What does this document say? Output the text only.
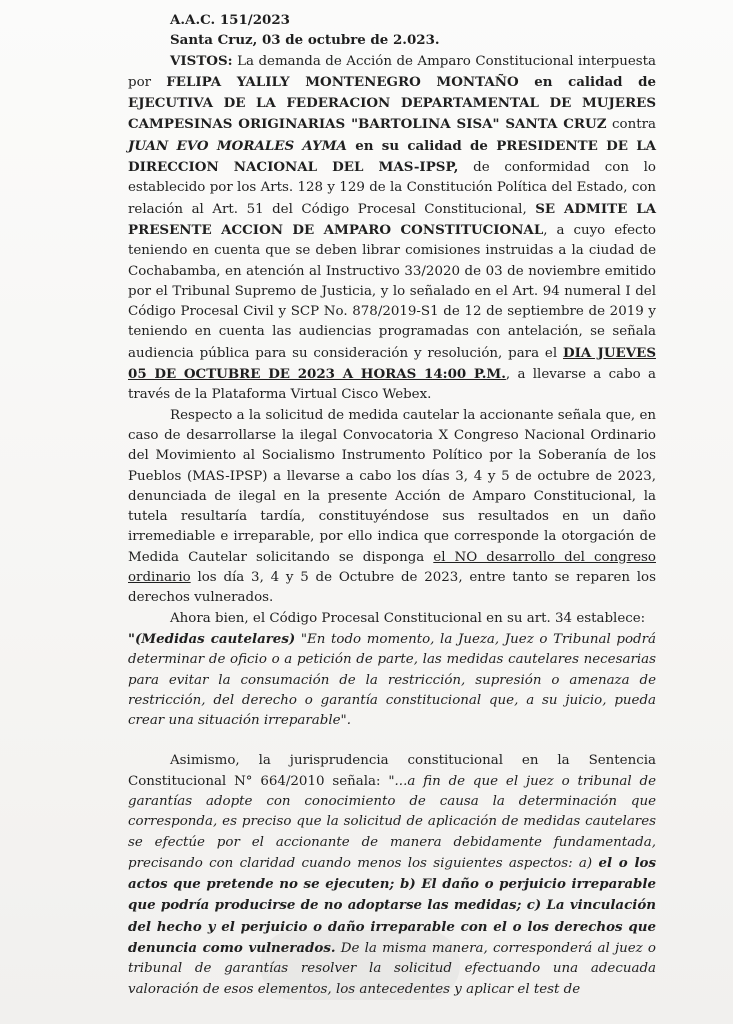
A.A.C. 151/2023

Santa Cruz, 03 de octubre de 2.023.

VISTOS: La demanda de Acción de Amparo Constitucional interpuesta por FELIPA YALILY MONTENEGRO MONTAÑO en calidad de EJECUTIVA DE LA FEDERACION DEPARTAMENTAL DE MUJERES CAMPESINAS ORIGINARIAS "BARTOLINA SISA" SANTA CRUZ contra JUAN EVO MORALES AYMA en su calidad de PRESIDENTE DE LA DIRECCION NACIONAL DEL MAS-IPSP, de conformidad con lo establecido por los Arts. 128 y 129 de la Constitución Política del Estado, con relación al Art. 51 del Código Procesal Constitucional, SE ADMITE LA PRESENTE ACCION DE AMPARO CONSTITUCIONAL, a cuyo efecto teniendo en cuenta que se deben librar comisiones instruidas a la ciudad de Cochabamba, en atención al Instructivo 33/2020 de 03 de noviembre emitido por el Tribunal Supremo de Justicia, y lo señalado en el Art. 94 numeral I del Código Procesal Civil y SCP No. 878/2019-S1 de 12 de septiembre de 2019 y teniendo en cuenta las audiencias programadas con antelación, se señala audiencia pública para su consideración y resolución, para el DIA JUEVES 05 DE OCTUBRE DE 2023 A HORAS 14:00 P.M., a llevarse a cabo a través de la Plataforma Virtual Cisco Webex.

Respecto a la solicitud de medida cautelar la accionante señala que, en caso de desarrollarse la ilegal Convocatoria X Congreso Nacional Ordinario del Movimiento al Socialismo Instrumento Político por la Soberanía de los Pueblos (MAS-IPSP) a llevarse a cabo los días 3, 4 y 5 de octubre de 2023, denunciada de ilegal en la presente Acción de Amparo Constitucional, la tutela resultaría tardía, constituyéndose sus resultados en un daño irremediable e irreparable, por ello indica que corresponde la otorgación de Medida Cautelar solicitando se disponga el NO desarrollo del congreso ordinario los día 3, 4 y 5 de Octubre de 2023, entre tanto se reparen los derechos vulnerados.

Ahora bien, el Código Procesal Constitucional en su art. 34 establece:

"(Medidas cautelares) "En todo momento, la Jueza, Juez o Tribunal podrá determinar de oficio o a petición de parte, las medidas cautelares necesarias para evitar la consumación de la restricción, supresión o amenaza de restricción, del derecho o garantía constitucional que, a su juicio, pueda crear una situación irreparable".

Asimismo, la jurisprudencia constitucional en la Sentencia Constitucional N° 664/2010 señala: "...a fin de que el juez o tribunal de garantías adopte con conocimiento de causa la determinación que corresponda, es preciso que la solicitud de aplicación de medidas cautelares se efectúe por el accionante de manera debidamente fundamentada, precisando con claridad cuando menos los siguientes aspectos: a) el o los actos que pretende no se ejecuten; b) El daño o perjuicio irreparable que podría producirse de no adoptarse las medidas; c) La vinculación del hecho y el perjuicio o daño irreparable con el o los derechos que denuncia como vulnerados. De la misma manera, corresponderá al juez o tribunal de garantías resolver la solicitud efectuando una adecuada valoración de esos elementos, los antecedentes y aplicar el test de
